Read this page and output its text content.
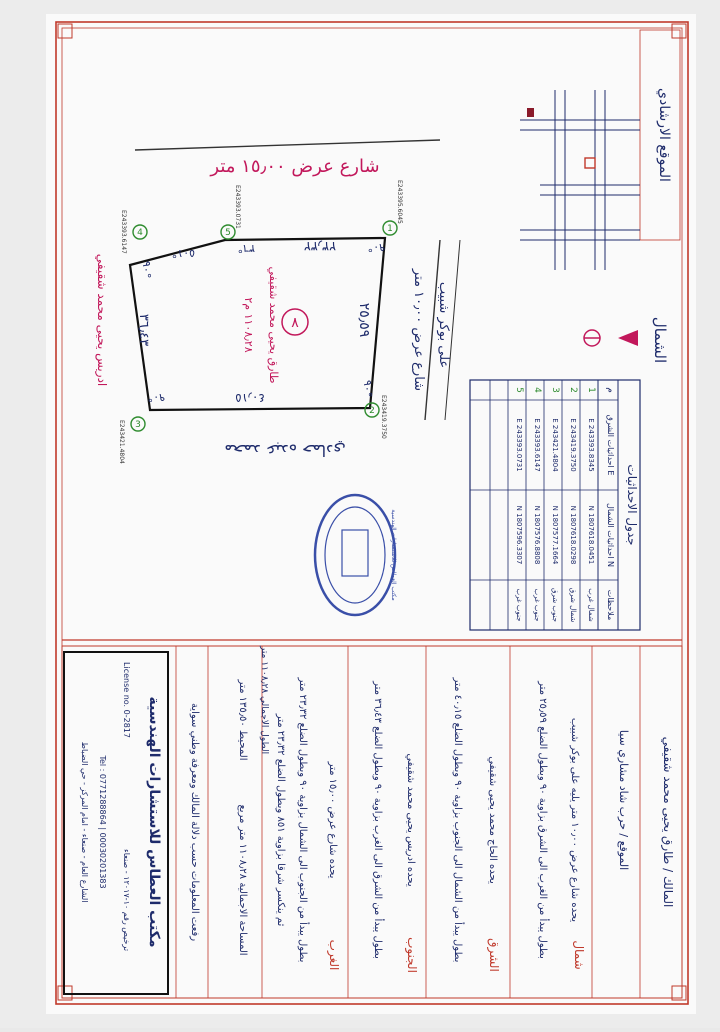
الموقع الارشادي
الشمال
شارع عرض ١٥٫٠٠ متر
شارع عرض ١٠٫٠٠ متر على بوكر شبيب
محمد عبده حمادي
ادريس يحيى محمد شقيفي
٢٣٫٣٢
٢٥٫٥٩
٤٠٫١٥
٣٦٫٤٣
٩٠°
٩٠°
٩٠°
٩٠°
٥٠١°	٣٦°
٨
طارق يحيى محمد شقيفي
١١٠٨٫٢٨ م٢
1
2
3
4	5
E243395.6045
E243419.3750
E243421.4804
E243393.6147
E243393.0731
جدول الاحداثيات
م
احداثيات الشرق E
احداثيات الشمال N
ملاحظات
1
E 243393.8345
N 1807618.0451
شمال غرب
2
E 243419.3750
N 1807618.0298
شمال شرق
3
E 243421.4804
N 1807577.1664
جنوب شرق
4
E 243393.6147
N 1807576.8808
جنوب غرب
5
E 243393.0731
N 1807596.3307
جنوب غرب
مكتب العطاس للاستشارات الهندسية
المالك / طارق يحيى محمد شقيفي
الموقع / حرب شاد مشاري سيا
شمال
يحده شارع عرض ١٠٫٠٠ متر يليه على بوكر شبيب
بطول يبدأ من الغرب الى الشرق بزاوية ٩٠ وبطول الضلع ٢٥٫٥٩ متر
الشرق
يحده الحاج محمد يحيى شقيفي
بطول يبدأ من الشمال الى الجنوب بزاوية ٩٠ وبطول الضلع ٤٠٫١٥ متر
الجنوب
يحده ادريس يحيى محمد شقيفي
بطول يبدأ من الشرق الى الغرب بزاوية ٩٠ وبطول الضلع ٣٦٫٤٣ متر
الغرب
يحده شارع عرض ١٥٫٠٠ متر
بطول يبدأ من الجنوب الى الشمال بزاوية ٩٠ وبطول الضلع ٢٣٫٣٢ متر
ثم ينكسر شرقا بزاوية ٨٥١ وبطول الضلع ٢٣٫٣٢ متر
المساحة الاجمالية ١١٠٨٫٢٨ متر مربع
المحيط ١٣٥٫٥٠ متر
الطول الاجمالي ١١٠٨٫٢٨ متر
رفعت المعلومات حسب دلالة المالك ومعرفة وطني سواية
مكتب العطاس للاستشارات الهندسية
License no. 0-2817
ترخيص رقم ١٠-١٢٠١٧ - صنعاء
Tel : 0771288864 | 00030201383
الشارع العام - صنعاء - امام المركز - حي الضباط
